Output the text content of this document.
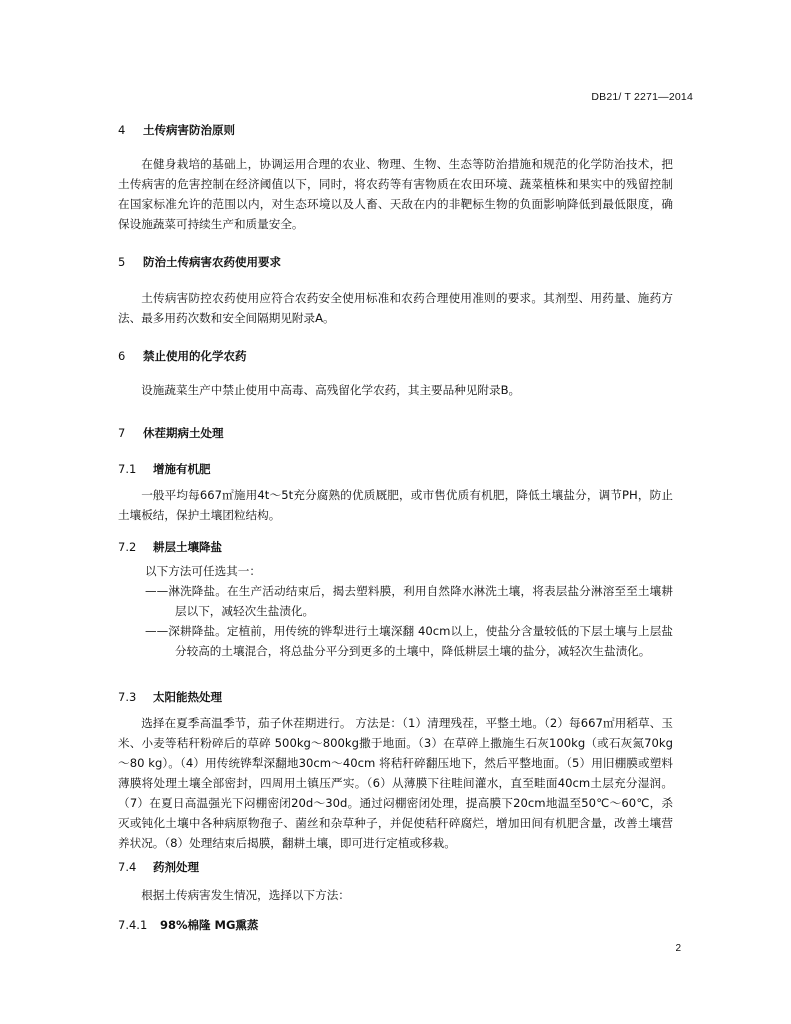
DB21/ T 2271—2014
4 土传病害防治原则
在健身栽培的基础上，协调运用合理的农业、物理、生物、生态等防治措施和规范的化学防治技术，把土传病害的危害控制在经济阈值以下，同时，将农药等有害物质在农田环境、蔬菜植株和果实中的残留控制在国家标准允许的范围以内，对生态环境以及人畜、天敌在内的非靶标生物的负面影响降低到最低限度，确保设施蔬菜可持续生产和质量安全。
5 防治土传病害农药使用要求
土传病害防控农药使用应符合农药安全使用标准和农药合理使用准则的要求。其剂型、用药量、施药方法、最多用药次数和安全间隔期见附录A。
6 禁止使用的化学农药
设施蔬菜生产中禁止使用中高毒、高残留化学农药，其主要品种见附录B。
7 休茬期病土处理
7.1 增施有机肥
一般平均每667㎡施用4t～5t充分腐熟的优质厩肥，或市售优质有机肥，降低土壤盐分，调节PH，防止土壤板结，保护土壤团粒结构。
7.2 耕层土壤降盐
以下方法可任选其一：
——淋洗降盐。在生产活动结束后，揭去塑料膜，利用自然降水淋洗土壤，将表层盐分淋溶至至土壤耕层以下，减轻次生盐渍化。
——深耕降盐。定植前，用传统的铧犁进行土壤深翻 40cm以上，使盐分含量较低的下层土壤与上层盐分较高的土壤混合，将总盐分平分到更多的土壤中，降低耕层土壤的盐分，减轻次生盐渍化。
7.3 太阳能热处理
选择在夏季高温季节，茄子休茬期进行。 方法是：（1）清理残茬，平整土地。（2）每667㎡用稻草、玉米、小麦等秸秆粉碎后的草碎 500kg～800kg撒于地面。（3）在草碎上撒施生石灰100kg（或石灰氮70kg～80 kg）。（4）用传统铧犁深翻地30cm～40cm 将秸秆碎翻压地下，然后平整地面。（5）用旧棚膜或塑料薄膜将处理土壤全部密封，四周用土镇压严实。（6）从薄膜下往畦间灌水，直至畦面40cm土层充分湿润。（7）在夏日高温强光下闷棚密闭20d～30d。通过闷棚密闭处理，提高膜下20cm地温至50℃～60℃，杀灭或钝化土壤中各种病原物孢子、菌丝和杂草种子，并促使秸秆碎腐烂，增加田间有机肥含量，改善土壤营养状况。（8）处理结束后揭膜，翻耕土壤，即可进行定植或移栽。
7.4 药剂处理
根据土传病害发生情况，选择以下方法：
7.4.1 98%棉隆 MG熏蒸
2
